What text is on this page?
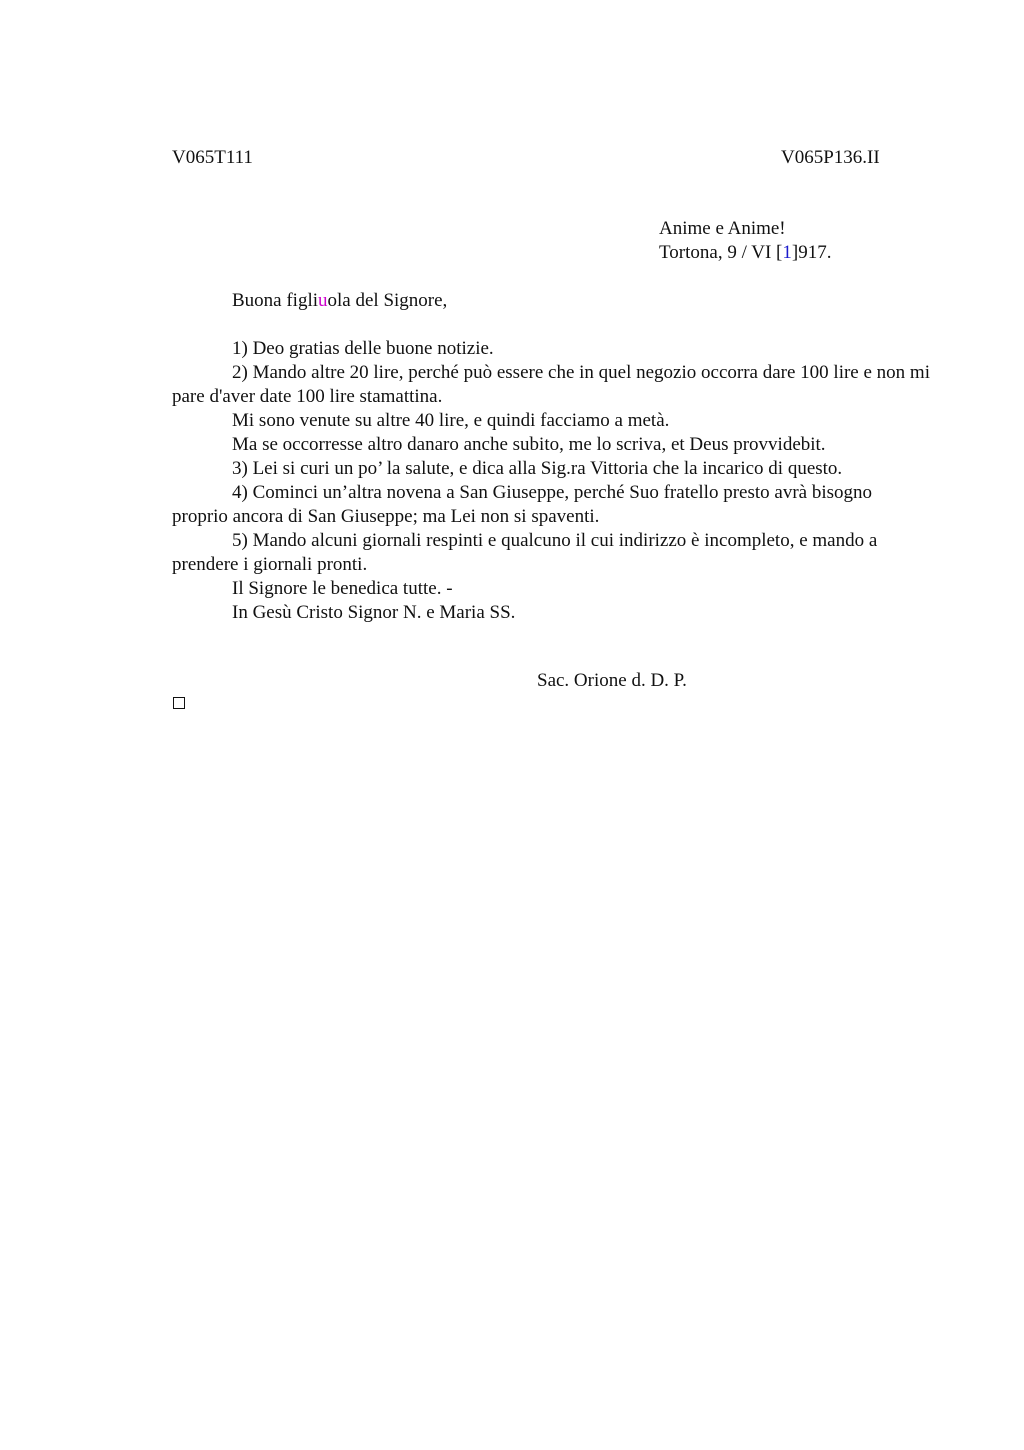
V065T111	V065P136.II
Anime e Anime!
Tortona, 9 / VI [1]917.
Buona figliuola del Signore,

1) Deo gratias delle buone notizie.

2) Mando altre 20 lire, perché può essere che in quel negozio occorra dare 100 lire e non mi pare d'aver date 100 lire stamattina.

Mi sono venute su altre 40 lire, e quindi facciamo a metà.

Ma se occorresse altro danaro anche subito, me lo scriva, et Deus provvidebit.

3) Lei si curi un po’ la salute, e dica alla Sig.ra Vittoria che la incarico di questo.

4) Cominci un’altra novena a San Giuseppe, perché Suo fratello presto avrà bisogno proprio ancora di San Giuseppe; ma Lei non si spaventi.

5) Mando alcuni giornali respinti e qualcuno il cui indirizzo è incompleto, e mando a prendere i giornali pronti.

Il Signore le benedica tutte. -

In Gesù Cristo Signor N. e Maria SS.

Sac. Orione d. D. P.
